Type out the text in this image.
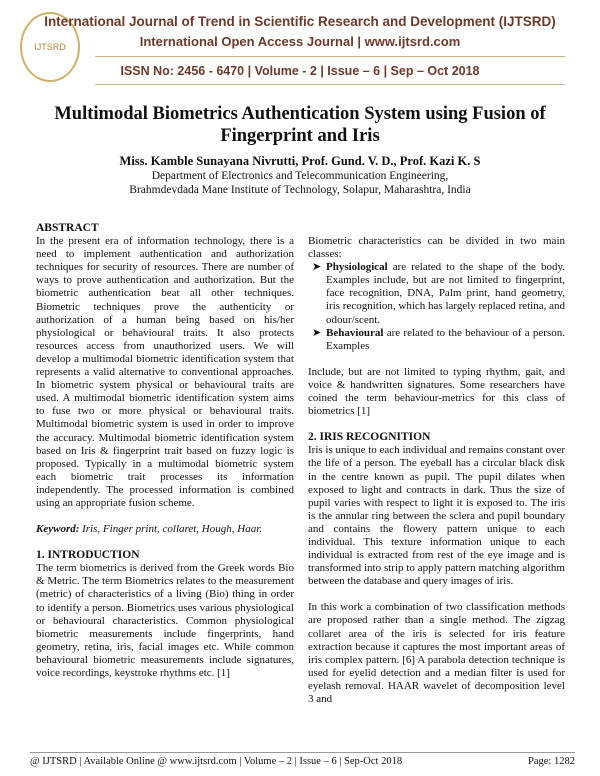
IJTSRD
International Journal of Trend in Scientific Research and Development (IJTSRD)
International Open Access Journal | www.ijtsrd.com
ISSN No: 2456 - 6470 | Volume - 2 | Issue – 6 | Sep – Oct 2018
Multimodal Biometrics Authentication System using Fusion of
Fingerprint and Iris
Miss. Kamble Sunayana Nivrutti, Prof. Gund. V. D., Prof. Kazi K. S
Department of Electronics and Telecommunication Engineering,
Brahmdevdada Mane Institute of Technology, Solapur, Maharashtra, India

ABSTRACT

In the present era of information technology, there is a need to implement authentication and authorization techniques for security of resources. There are number of ways to prove authentication and authorization. But the biometric authentication beat all other techniques. Biometric techniques prove the authenticity or authorization of a human being based on his/her physiological or behavioural traits. It also protects resources access from unauthorized users. We will develop a multimodal biometric identification system that represents a valid alternative to conventional approaches. In biometric system physical or behavioural traits are used. A multimodal biometric identification system aims to fuse two or more physical or behavioural traits. Multimodal biometric system is used in order to improve the accuracy. Multimodal biometric identification system based on Iris & fingerprint trait based on fuzzy logic is proposed. Typically in a multimodal biometric system each biometric trait processes its information independently. The processed information is combined using an appropriate fusion scheme.

Keyword: Iris, Finger print, collaret, Hough, Haar.

1. INTRODUCTION

The term biometrics is derived from the Greek words Bio & Metric. The term Biometrics relates to the measurement (metric) of characteristics of a living (Bio) thing in order to identify a person. Biometrics uses various physiological or behavioural characteristics. Common physiological biometric measurements include fingerprints, hand geometry, retina, iris, facial images etc. While common behavioural biometric measurements include signatures, voice recordings, keystroke rhythms etc. [1]

Biometric characteristics can be divided in two main classes:

➤ Physiological are related to the shape of the body. Examples include, but are not limited to fingerprint, face recognition, DNA, Palm print, hand geometry, iris recognition, which has largely replaced retina, and odour/scent.
➤ Behavioural are related to the behaviour of a person. Examples

Include, but are not limited to typing rhythm, gait, and voice & handwritten signatures. Some researchers have coined the term behaviour-metrics for this class of biometrics [1]

2. IRIS RECOGNITION

Iris is unique to each individual and remains constant over the life of a person. The eyeball has a circular black disk in the centre known as pupil. The pupil dilates when exposed to light and contracts in dark. Thus the size of pupil varies with respect to light it is exposed to. The iris is the annular ring between the sclera and pupil boundary and contains the flowery pattern unique to each individual. This texture information unique to each individual is extracted from rest of the eye image and is transformed into strip to apply pattern matching algorithm between the database and query images of iris.

In this work a combination of two classification methods are proposed rather than a single method. The zigzag collaret area of the iris is selected for iris feature extraction because it captures the most important areas of iris complex pattern. [6] A parabola detection technique is used for eyelid detection and a median filter is used for eyelash removal. HAAR wavelet of decomposition level 3 and

@ IJTSRD | Available Online @ www.ijtsrd.com | Volume – 2 | Issue – 6 | Sep-Oct 2018	Page: 1282
